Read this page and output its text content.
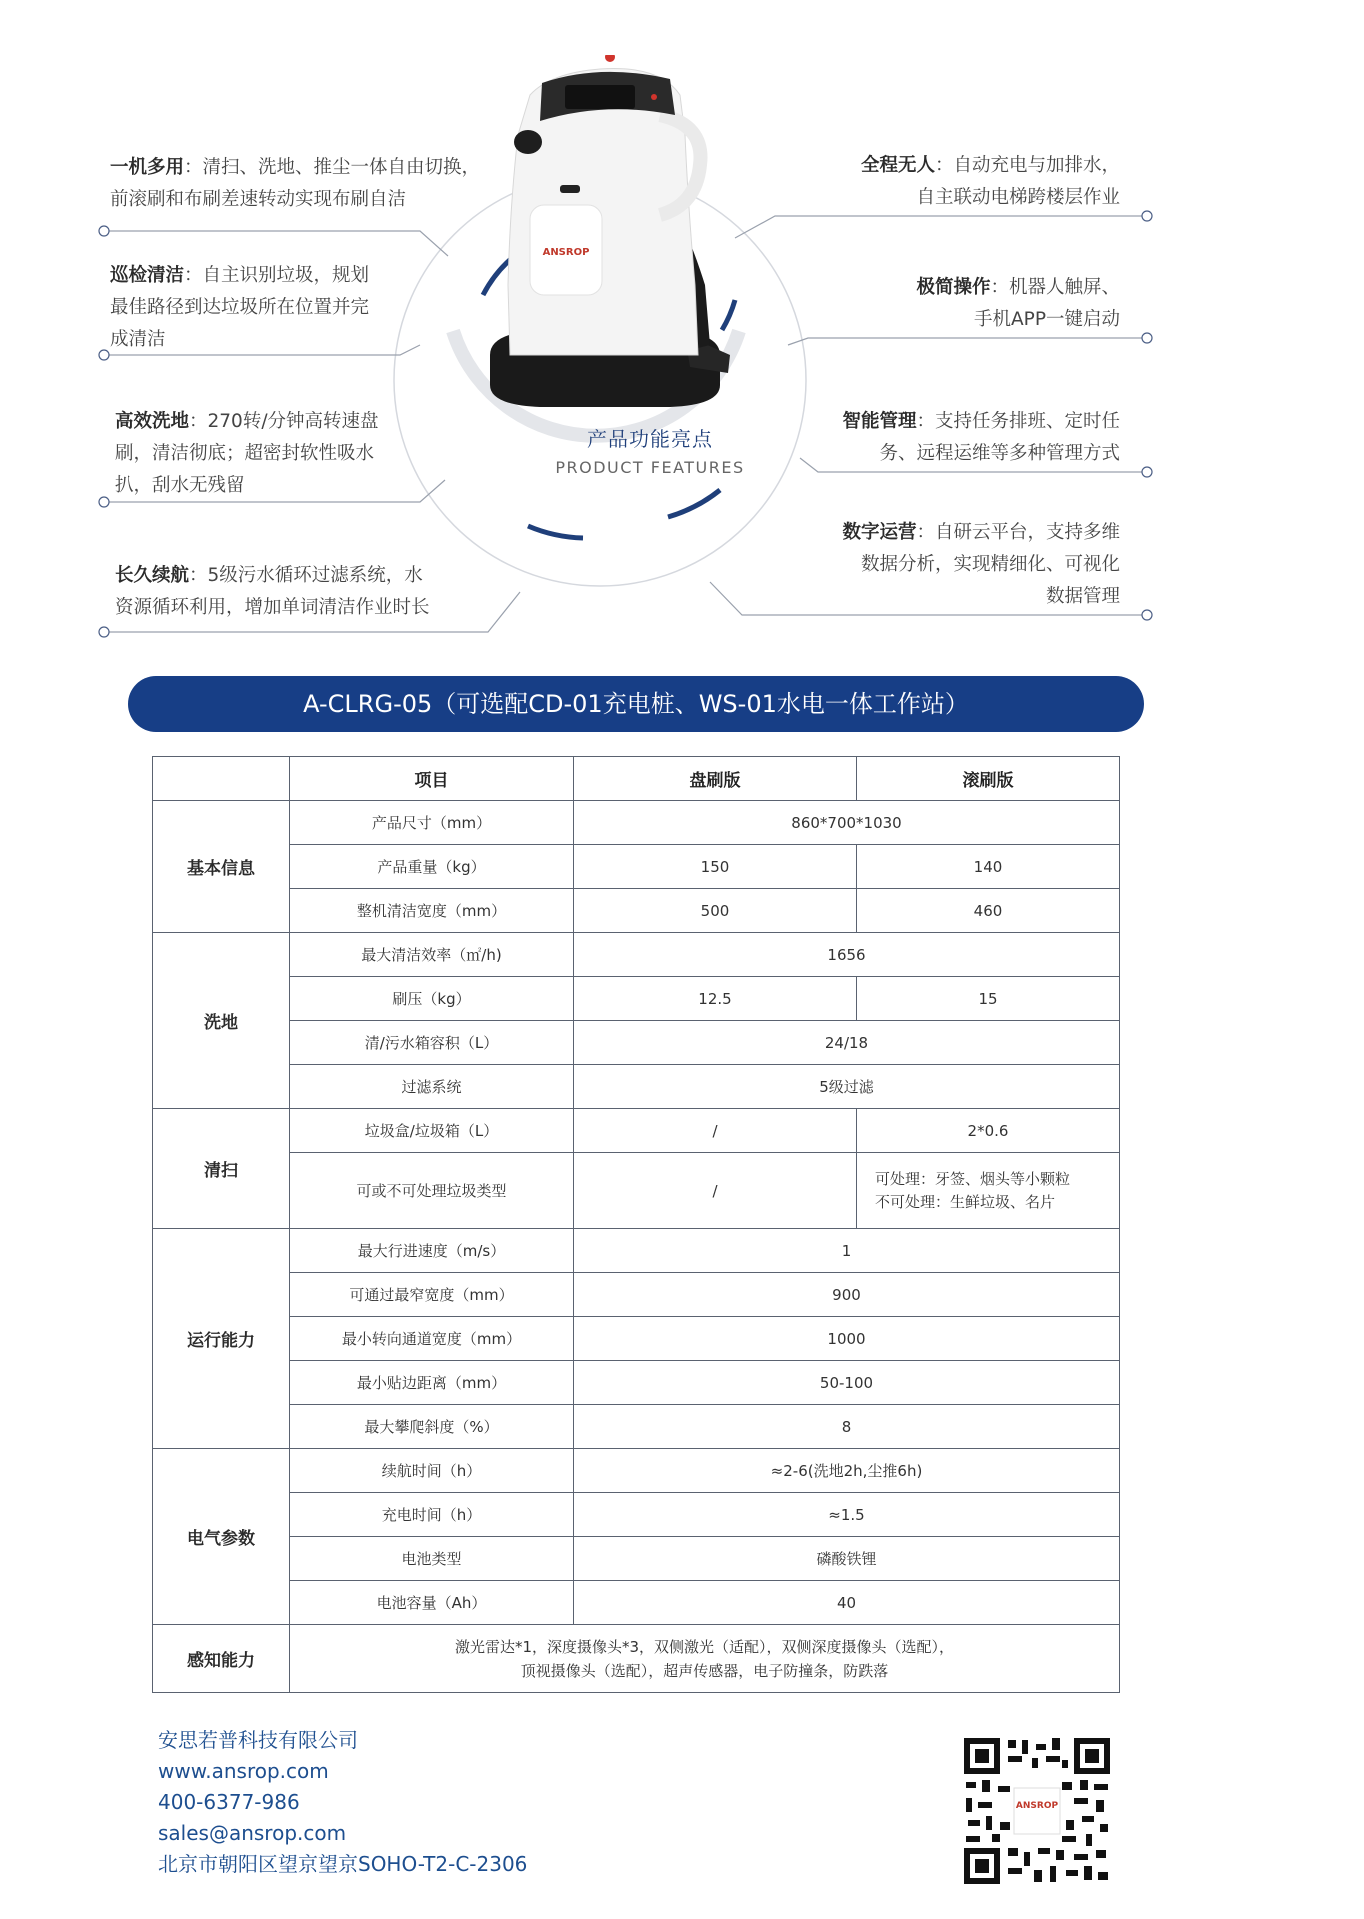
ANSROP
产品功能亮点
PRODUCT FEATURES
一机多用：清扫、洗地、推尘一体自由切换，
前滚刷和布刷差速转动实现布刷自洁
巡检清洁：自主识别垃圾，规划
最佳路径到达垃圾所在位置并完
成清洁
高效洗地：270转/分钟高转速盘
刷，清洁彻底；超密封软性吸水
扒，刮水无残留
长久续航：5级污水循环过滤系统，水
资源循环利用，增加单词清洁作业时长
全程无人：自动充电与加排水，
自主联动电梯跨楼层作业
极简操作：机器人触屏、
手机APP一键启动
智能管理：支持任务排班、定时任
务、远程运维等多种管理方式
数字运营：自研云平台，支持多维
数据分析，实现精细化、可视化
数据管理
A-CLRG-05（可选配CD-01充电桩、WS-01水电一体工作站）
	项目	盘刷版	滚刷版
基本信息	产品尺寸（mm）	860*700*1030	
	产品重量（kg）	150	140
	整机清洁宽度（mm）	500	460
洗地	最大清洁效率（㎡/h)	1656	
	刷压（kg）	12.5	15
	清/污水箱容积（L）	24/18	
	过滤系统	5级过滤	
清扫	垃圾盒/垃圾箱（L）	/	2*0.6
	可或不可处理垃圾类型	/	可处理：牙签、烟头等小颗粒
不可处理：生鲜垃圾、名片
运行能力	最大行进速度（m/s）	1	
	可通过最窄宽度（mm）	900	
	最小转向通道宽度（mm）	1000	
	最小贴边距离（mm）	50-100	
	最大攀爬斜度（%）	8	
电气参数	续航时间（h）	≈2-6(洗地2h,尘推6h)	
	充电时间（h）	≈1.5	
	电池类型	磷酸铁锂	
	电池容量（Ah）	40	
感知能力	激光雷达*1，深度摄像头*3，双侧激光（适配），双侧深度摄像头（选配），
顶视摄像头（选配），超声传感器，电子防撞条，防跌落		
安思若普科技有限公司
www.ansrop.com
400-6377-986
sales@ansrop.com
北京市朝阳区望京望京SOHO-T2-C-2306
ANSROP
